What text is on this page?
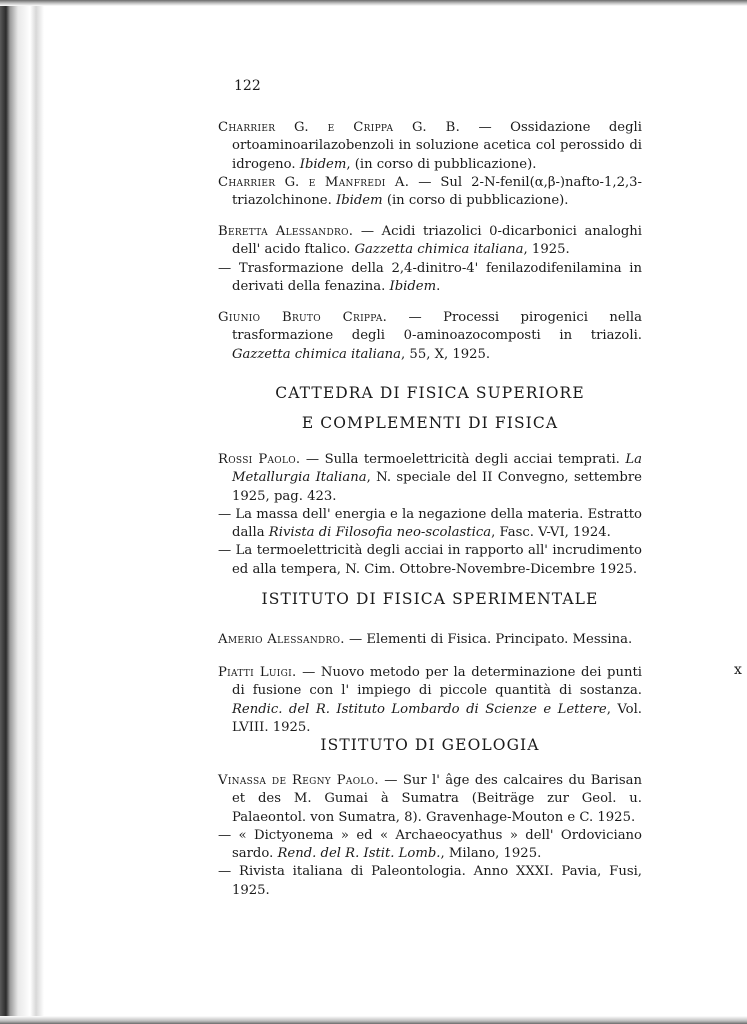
122

Charrier G. e Crippa G. B. — Ossidazione degli ortoaminoarilazobenzoli in soluzione acetica col perossido di idrogeno. Ibidem, (in corso di pubblicazione).

Charrier G. e Manfredi A. — Sul 2-N-fenil(α,β-)nafto-1,2,3-triazolchinone. Ibidem (in corso di pubblicazione).

Beretta Alessandro. — Acidi triazolici 0-dicarbonici analoghi dell' acido ftalico. Gazzetta chimica italiana, 1925.

— Trasformazione della 2,4-dinitro-4' fenilazodifenilamina in derivati della fenazina. Ibidem.

Giunio Bruto Crippa. — Processi pirogenici nella trasformazione degli 0-aminoazocomposti in triazoli. Gazzetta chimica italiana, 55, X, 1925.

CATTEDRA DI FISICA SUPERIORE
E COMPLEMENTI DI FISICA

Rossi Paolo. — Sulla termoelettricità degli acciai temprati. La Metallurgia Italiana, N. speciale del II Convegno, settembre 1925, pag. 423.

— La massa dell' energia e la negazione della materia. Estratto dalla Rivista di Filosofia neo-scolastica, Fasc. V-VI, 1924.

— La termoelettricità degli acciai in rapporto all' incrudimento ed alla tempera, N. Cim. Ottobre-Novembre-Dicembre 1925.

ISTITUTO DI FISICA SPERIMENTALE

Amerio Alessandro. — Elementi di Fisica. Principato. Messina.

Piatti Luigi. — Nuovo metodo per la determinazione dei punti di fusione con l' impiego di piccole quantità di sostanza. Rendic. del R. Istituto Lombardo di Scienze e Lettere, Vol. LVIII. 1925.

ISTITUTO DI GEOLOGIA

Vinassa de Regny Paolo. — Sur l' âge des calcaires du Barisan et des M. Gumai à Sumatra (Beiträge zur Geol. u. Palaeontol. von Sumatra, 8). Gravenhage-Mouton e C. 1925.

— « Dictyonema » ed « Archaeocyathus » dell' Ordoviciano sardo. Rend. del R. Istit. Lomb., Milano, 1925.

— Rivista italiana di Paleontologia. Anno XXXI. Pavia, Fusi, 1925.

x
